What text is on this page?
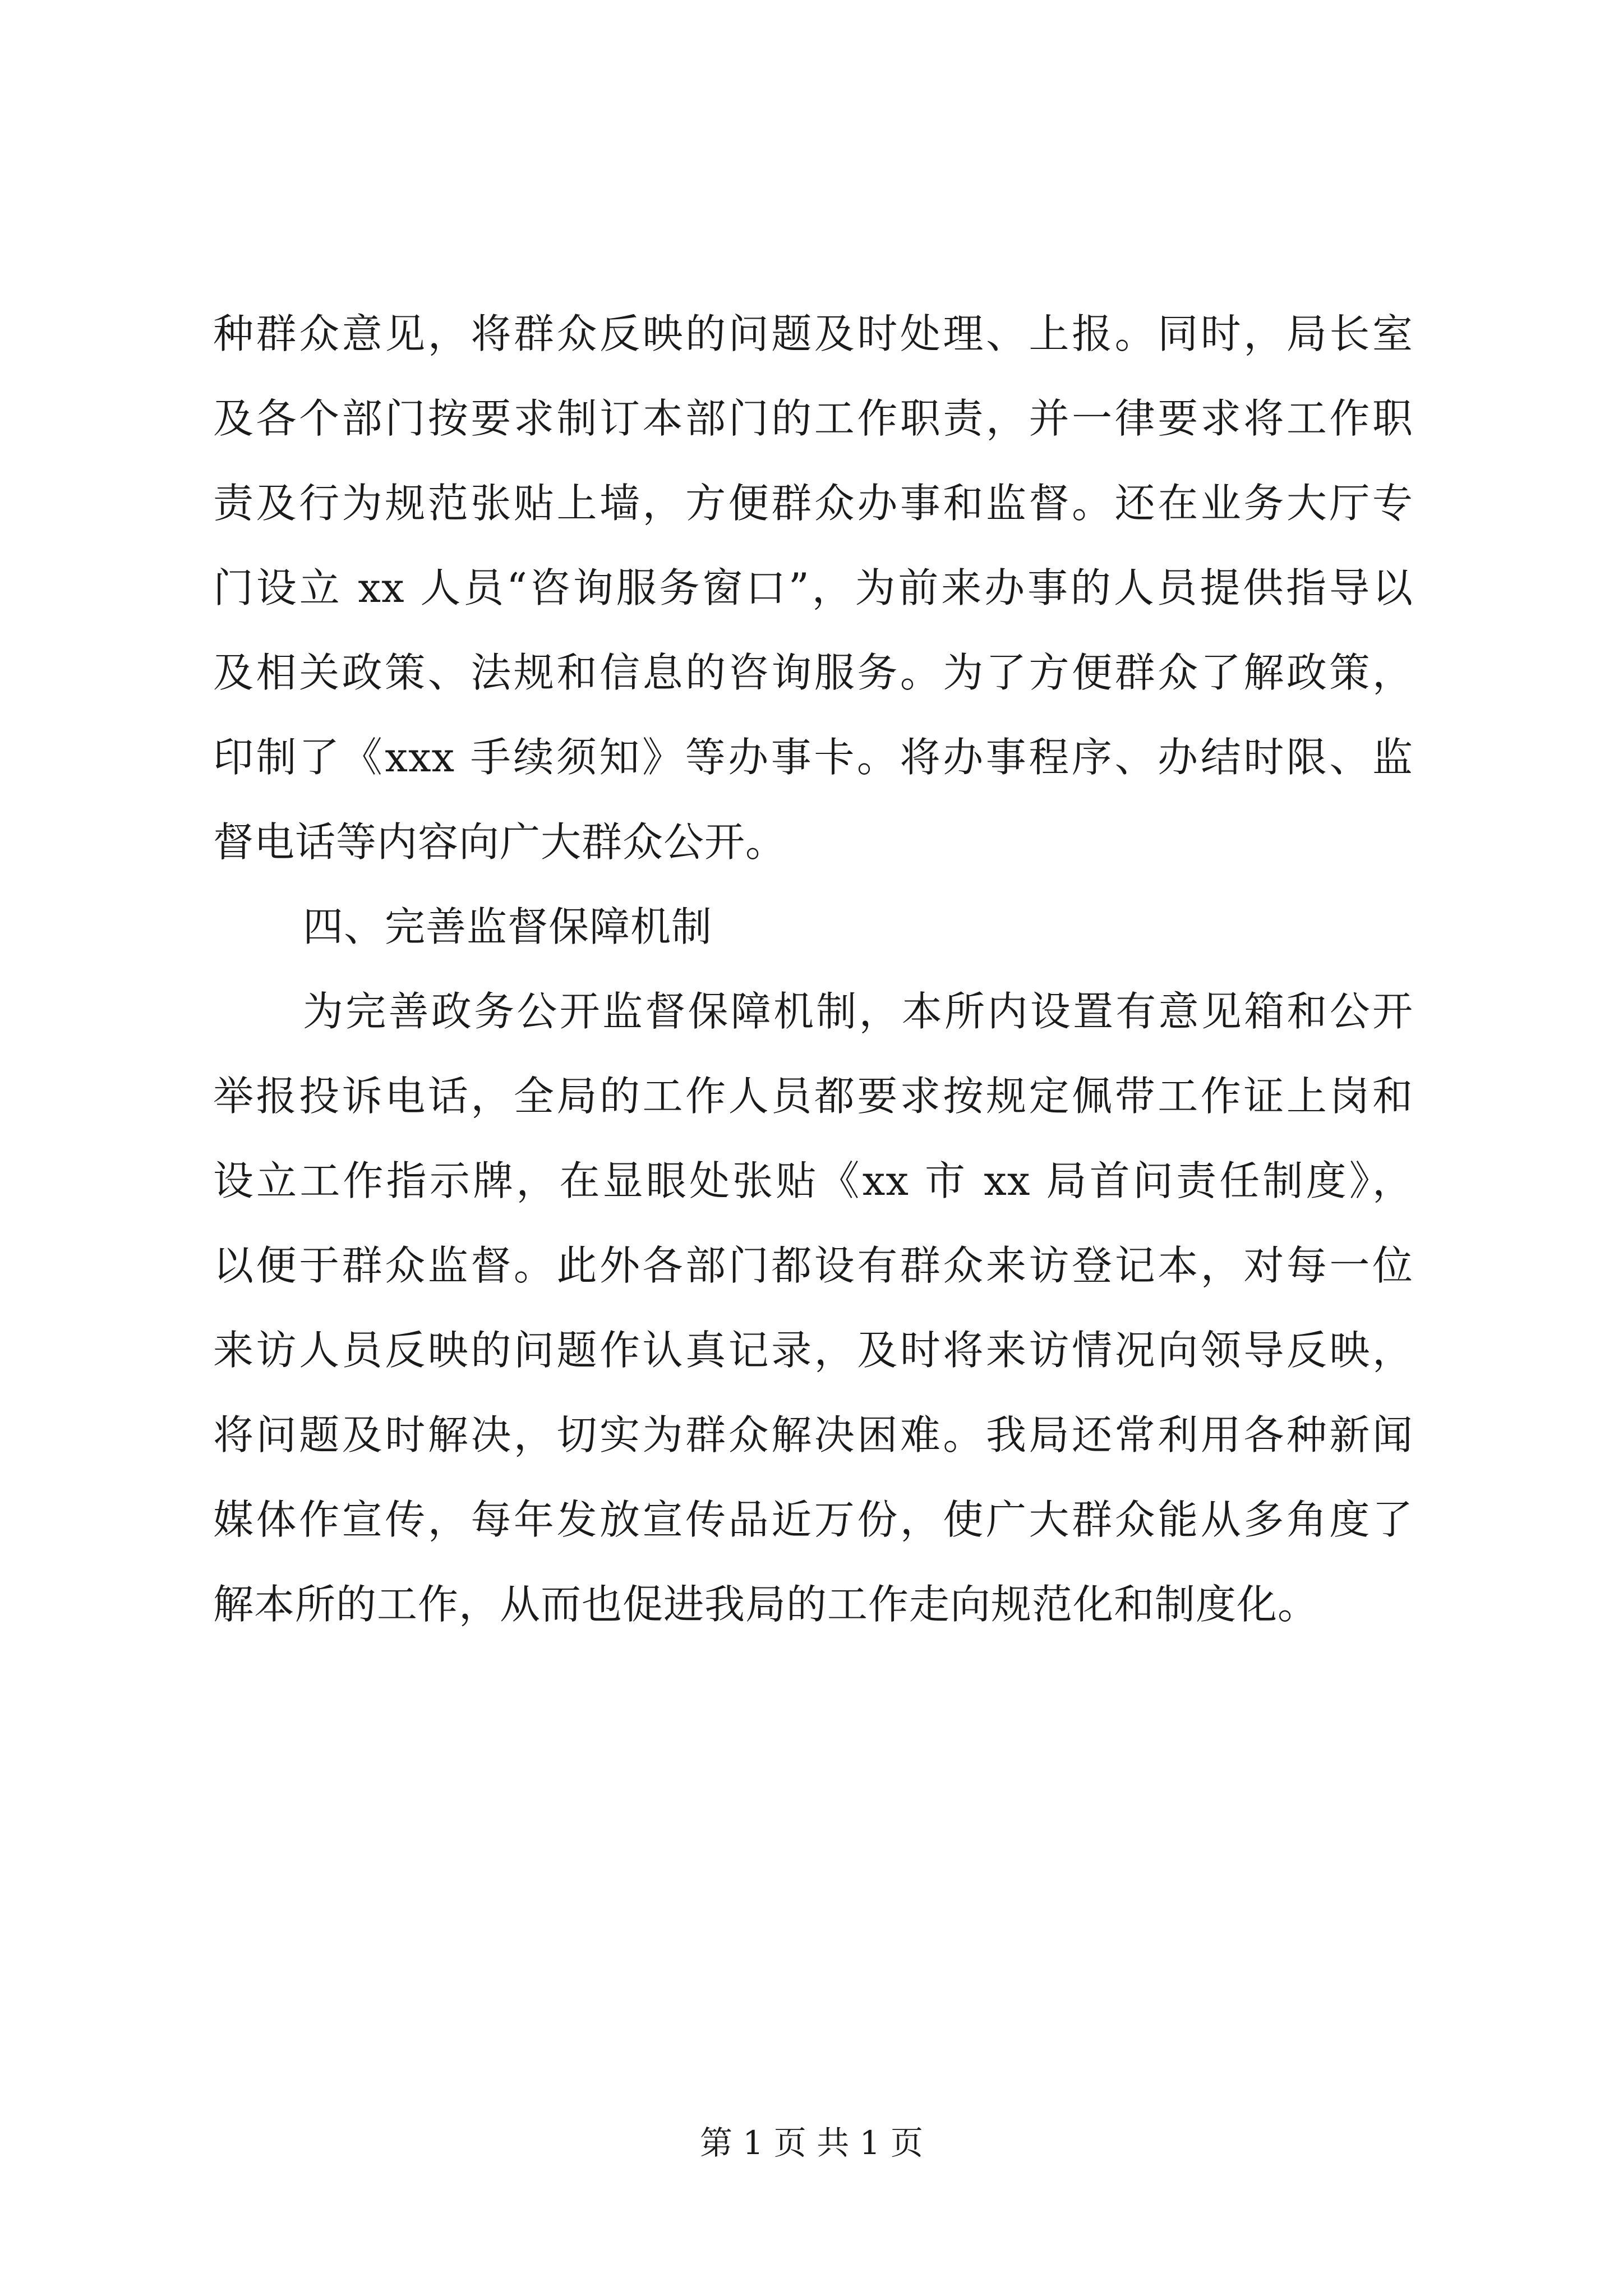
种群众意见，将群众反映的问题及时处理、上报。同时，局长室
及各个部门按要求制订本部门的工作职责，并一律要求将工作职
责及行为规范张贴上墙，方便群众办事和监督。还在业务大厅专
门设立 xx 人员“咨询服务窗口”，为前来办事的人员提供指导以
及相关政策、法规和信息的咨询服务。为了方便群众了解政策，
印制了《xxx 手续须知》等办事卡。将办事程序、办结时限、监
督电话等内容向广大群众公开。
四、完善监督保障机制
为完善政务公开监督保障机制，本所内设置有意见箱和公开
举报投诉电话，全局的工作人员都要求按规定佩带工作证上岗和
设立工作指示牌，在显眼处张贴《xx 市 xx 局首问责任制度》，
以便于群众监督。此外各部门都设有群众来访登记本，对每一位
来访人员反映的问题作认真记录，及时将来访情况向领导反映，
将问题及时解决，切实为群众解决困难。我局还常利用各种新闻
媒体作宣传，每年发放宣传品近万份，使广大群众能从多角度了
解本所的工作，从而也促进我局的工作走向规范化和制度化。
第 1 页 共 1 页
